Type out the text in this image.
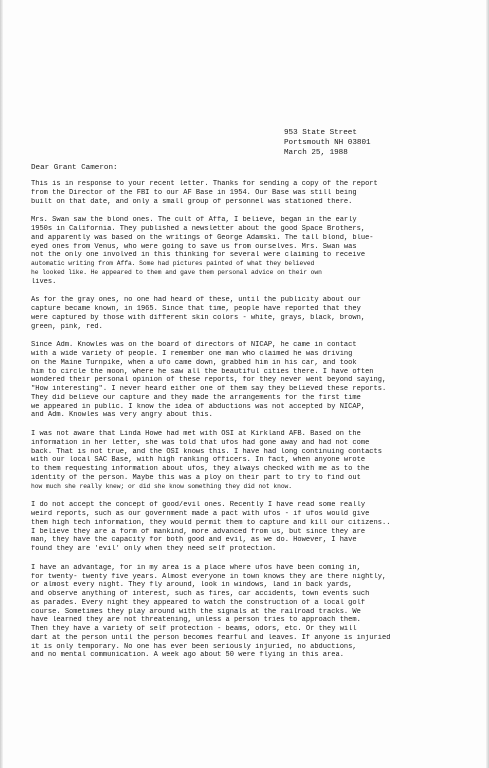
953 State Street
Portsmouth NH 03801
March 25, 1988
Dear Grant Cameron:
This is in response to your recent letter. Thanks for sending a copy of the report
from the Director of the FBI to our AF Base in 1954. Our Base was still being
built on that date, and only a small group of personnel was stationed there.
Mrs. Swan saw the blond ones. The cult of Affa, I believe, began in the early
1950s in California. They published a newsletter about the good Space Brothers,
and apparently was based on the writings of George Adamski. The tall blond, blue-
eyed ones from Venus, who were going to save us from ourselves. Mrs. Swan was
not the only one involved in this thinking for several were claiming to receive
automatic writing from Affa. Some had pictures painted of what they believed
he looked like. He appeared to them and gave them personal advice on their own
lives.
As for the gray ones, no one had heard of these, until the publicity about our
capture became known, in 1965. Since that time, people have reported that they
were captured by those with different skin colors - white, grays, black, brown,
green, pink, red.
Since Adm. Knowles was on the board of directors of NICAP, he came in contact
with a wide variety of people. I remember one man who claimed he was driving
on the Maine Turnpike, when a ufo came down, grabbed him in his car, and took
him to circle the moon, where he saw all the beautiful cities there. I have often
wondered their personal opinion of these reports, for they never went beyond saying,
"How interesting". I never heard either one of them say they believed these reports.
They did believe our capture and they made the arrangements for the first time
we appeared in public. I know the idea of abductions was not accepted by NICAP,
and Adm. Knowles was very angry about this.
I was not aware that Linda Howe had met with OSI at Kirkland AFB. Based on the
information in her letter, she was told that ufos had gone away and had not come
back. That is not true, and the OSI knows this. I have had long continuing contacts
with our local SAC Base, with high ranking officers. In fact, when anyone wrote
to them requesting information about ufos, they always checked with me as to the
identity of the person. Maybe this was a ploy on their part to try to find out
how much she really knew; or did she know something they did not know.
I do not accept the concept of good/evil ones. Recently I have read some really
weird reports, such as our government made a pact with ufos - if ufos would give
them high tech information, they would permit them to capture and kill our citizens..
I believe they are a form of mankind, more advanced from us, but since they are
man, they have the capacity for both good and evil, as we do. However, I have
found they are 'evil' only when they need self protection.
I have an advantage, for in my area is a place where ufos have been coming in,
for twenty- twenty five years. Almost everyone in town knows they are there nightly,
or almost every night. They fly around, look in windows, land in back yards,
and observe anything of interest, such as fires, car accidents, town events such
as parades. Every night they appeared to watch the construction of a local golf
course. Sometimes they play around with the signals at the railroad tracks. We
have learned they are not threatening, unless a person tries to approach them.
Then they have a variety of self protection - beams, odors, etc. Or they will
dart at the person until the person becomes fearful and leaves. If anyone is injuried
it is only temporary. No one has ever been seriously injuried, no abductions,
and no mental communication. A week ago about 50 were flying in this area.
